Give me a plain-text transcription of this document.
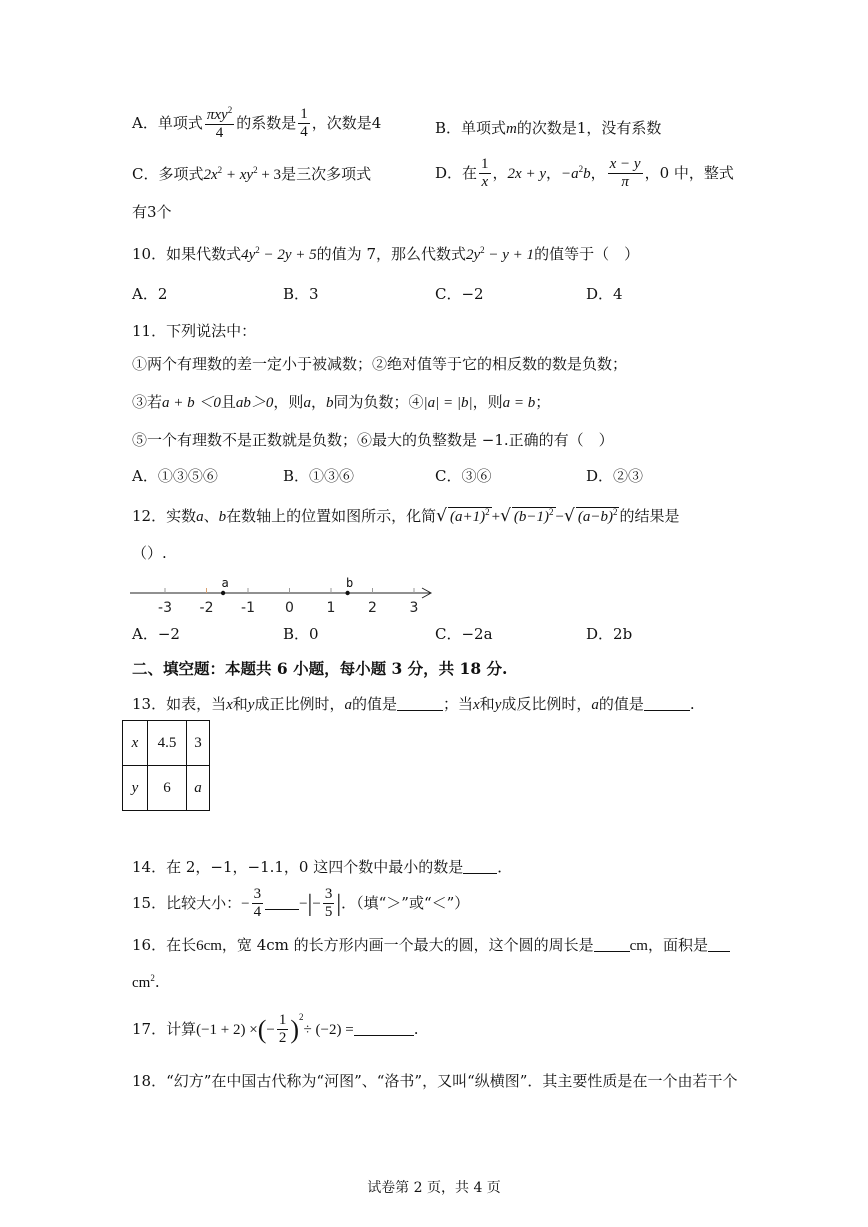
A．单项式 $\frac{\pi xy^2}{4}$ 的系数是 $\frac{1}{4}$ ，次数是4	B．单项式m的次数是1，没有系数
C．多项式$2x^2 + xy^2 + 3$是三次多项式	D．在 $\frac{1}{x}$ ，2x + y，$-a^2b$， $\frac{x - y}{\pi}$ ，0 中，整式
有3个
10．如果代数式$4y^2 - 2y + 5$的值为 7，那么代数式$2y^2 - y + 1$的值等于（　）
A．2	B．3	C．−2	D．4
11．下列说法中：
①两个有理数的差一定小于被减数；②绝对值等于它的相反数的数是负数；
③若a + b ＜0且ab＞0，则a，b同为负数；④|a| = |b|，则a = b；
⑤一个有理数不是正数就是负数；⑥最大的负整数是 −1.正确的有（　）
A．①③⑤⑥	B．①③⑥	C．③⑥	D．②③
12．实数a、b在数轴上的位置如图所示，化简√ $(a+1)^2$ +√ $(b-1)^2$ −√ $(a-b)^2$ 的结果是
（）.
-3 -2 -1 0 1 2 3
a	b
A．−2	B．0	C．−2a	D．2b
二、填空题：本题共 6 小题，每小题 3 分，共 18 分.
13．如表，当x和y成正比例时，a的值是	；当x和y成反比例时，a的值是	.
x	4.5	3
y	6	a
14．在 2，−1，−1.1，0 这四个数中最小的数是 ．
15．比较大小：− $\frac{3}{4}$ −|− $\frac{3}{5}$ |．（填“＞”或“＜”）
16．在长6cm，宽 4cm 的长方形内画一个最大的圆，这个圆的周长是 cm，面积是
$cm^2$.
17．计算(−1 + 2) ×(− $\frac{1}{2} )^2\div (-2)$ =	.
18．“幻方”在中国古代称为“河图”、“洛书”，又叫“纵横图”．其主要性质是在一个由若干个
试卷第 2 页，共 4 页
